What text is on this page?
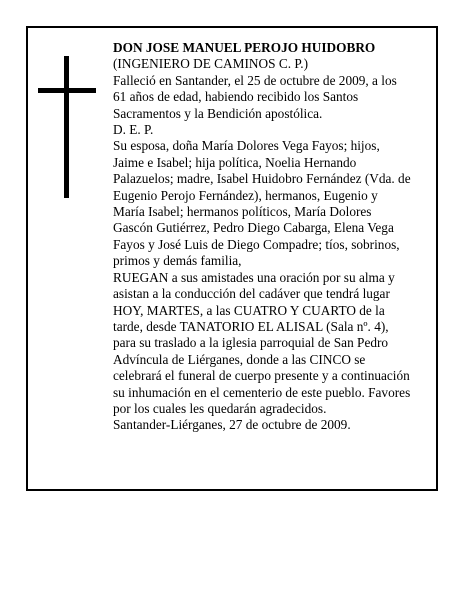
DON JOSE MANUEL PEROJO HUIDOBRO
(INGENIERO DE CAMINOS C. P.)
Falleció en Santander, el 25 de octubre de 2009, a los
61 años de edad, habiendo recibido los Santos
Sacramentos y la Bendición apostólica.
D. E. P.
Su esposa, doña María Dolores Vega Fayos; hijos,
Jaime e Isabel; hija política, Noelia Hernando
Palazuelos; madre, Isabel Huidobro Fernández (Vda. de
Eugenio Perojo Fernández), hermanos, Eugenio y
María Isabel; hermanos políticos, María Dolores
Gascón Gutiérrez, Pedro Diego Cabarga, Elena Vega
Fayos y José Luis de Diego Compadre; tíos, sobrinos,
primos y demás familia,
RUEGAN a sus amistades una oración por su alma y
asistan a la conducción del cadáver que tendrá lugar
HOY, MARTES, a las CUATRO Y CUARTO de la
tarde, desde TANATORIO EL ALISAL (Sala nº. 4),
para su traslado a la iglesia parroquial de San Pedro
Advíncula de Liérganes, donde a las CINCO se
celebrará el funeral de cuerpo presente y a continuación
su inhumación en el cementerio de este pueblo. Favores
por los cuales les quedarán agradecidos.
Santander-Liérganes, 27 de octubre de 2009.
